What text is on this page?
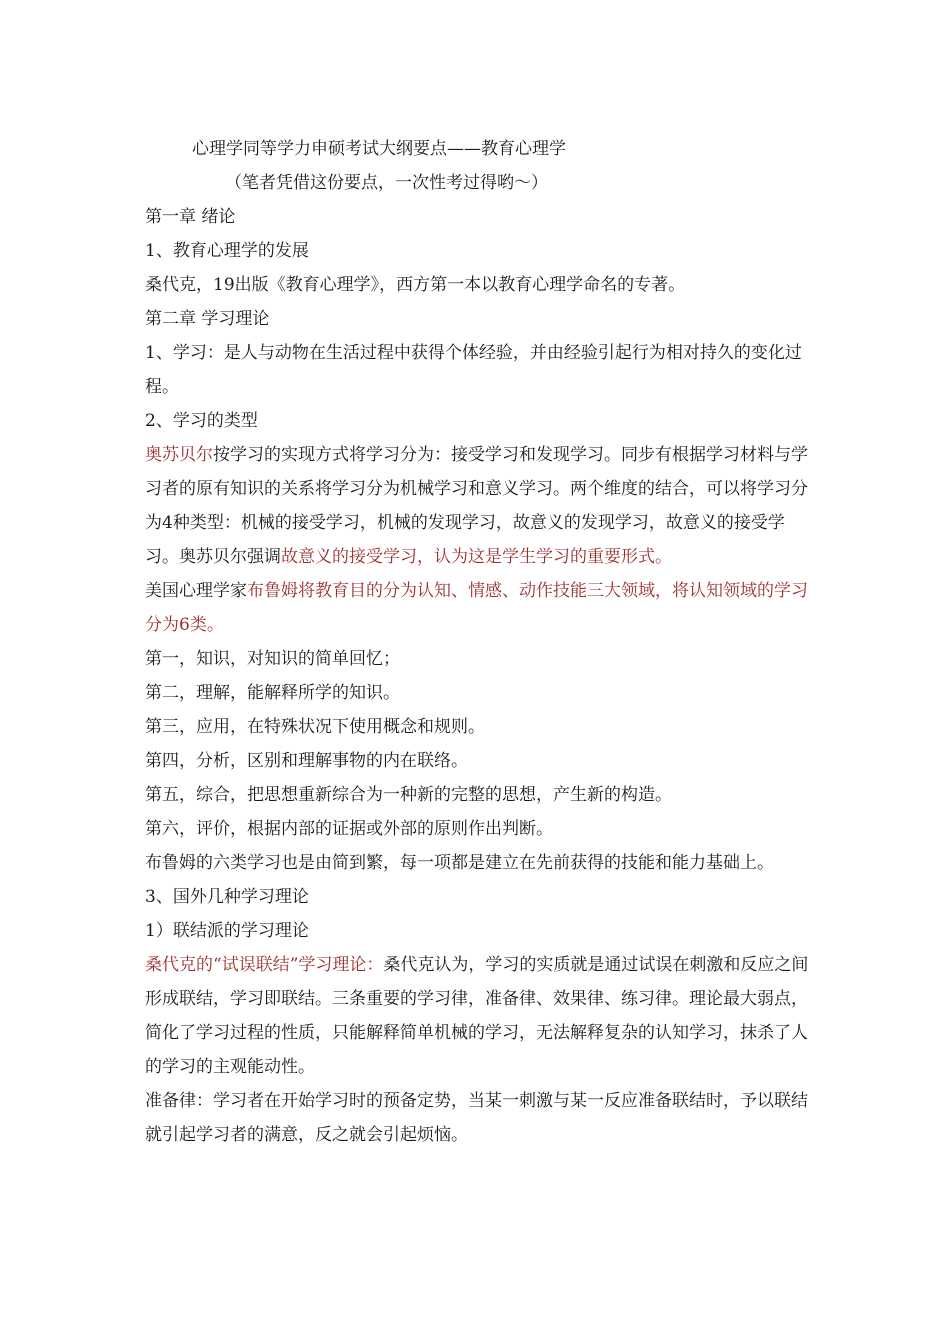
心理学同等学力申硕考试大纲要点——教育心理学

（笔者凭借这份要点，一次性考过得哟～）

第一章 绪论

1、教育心理学的发展

桑代克，19出版《教育心理学》，西方第一本以教育心理学命名的专著。

第二章 学习理论

1、学习：是人与动物在生活过程中获得个体经验，并由经验引起行为相对持久的变化过程。

2、学习的类型

奥苏贝尔按学习的实现方式将学习分为：接受学习和发现学习。同步有根据学习材料与学习者的原有知识的关系将学习分为机械学习和意义学习。两个维度的结合，可以将学习分为4种类型：机械的接受学习，机械的发现学习，故意义的发现学习，故意义的接受学习。奥苏贝尔强调故意义的接受学习，认为这是学生学习的重要形式。

美国心理学家布鲁姆将教育目的分为认知、情感、动作技能三大领域，将认知领域的学习分为6类。

第一，知识，对知识的简单回忆；

第二，理解，能解释所学的知识。

第三，应用，在特殊状况下使用概念和规则。

第四，分析，区别和理解事物的内在联络。

第五，综合，把思想重新综合为一种新的完整的思想，产生新的构造。

第六，评价，根据内部的证据或外部的原则作出判断。

布鲁姆的六类学习也是由简到繁，每一项都是建立在先前获得的技能和能力基础上。

3、国外几种学习理论

1）联结派的学习理论

桑代克的“试误联结”学习理论：桑代克认为，学习的实质就是通过试误在刺激和反应之间形成联结，学习即联结。三条重要的学习律，准备律、效果律、练习律。理论最大弱点，简化了学习过程的性质，只能解释简单机械的学习，无法解释复杂的认知学习，抹杀了人的学习的主观能动性。

准备律：学习者在开始学习时的预备定势，当某一刺激与某一反应准备联结时，予以联结就引起学习者的满意，反之就会引起烦恼。
